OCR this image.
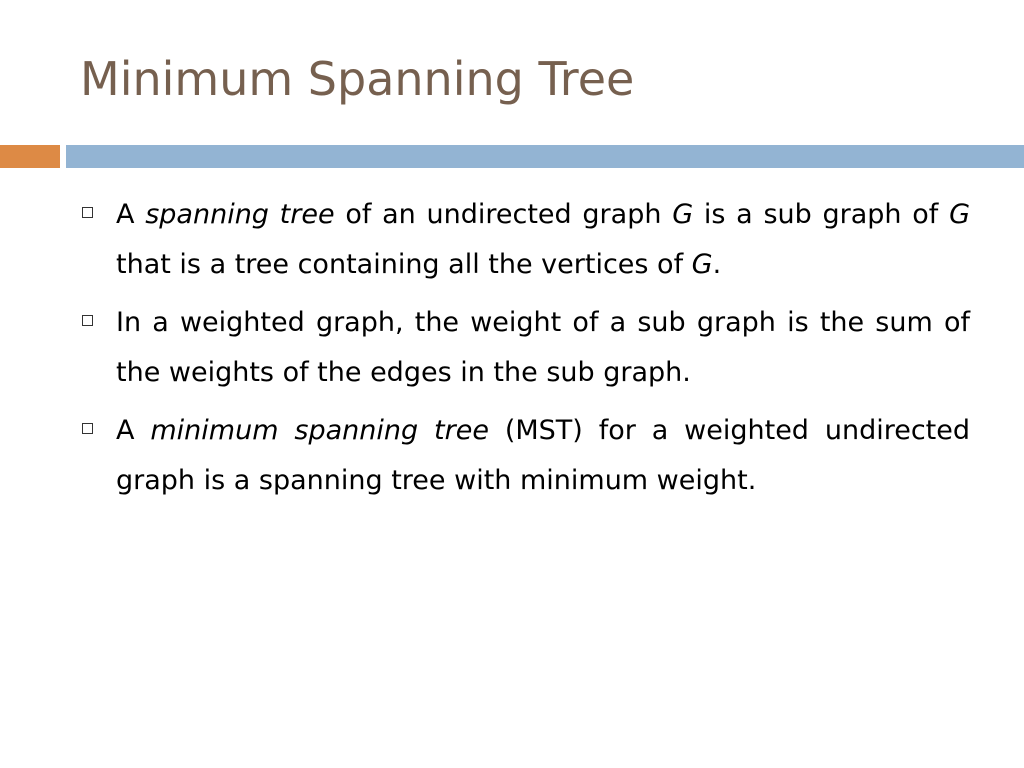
Minimum Spanning Tree
A spanning tree of an undirected graph G is a sub graph of G that is a tree containing all the vertices of G.
In a weighted graph, the weight of a sub graph is the sum of the weights of the edges in the sub graph.
A minimum spanning tree (MST) for a weighted undirected graph is a spanning tree with minimum weight.
